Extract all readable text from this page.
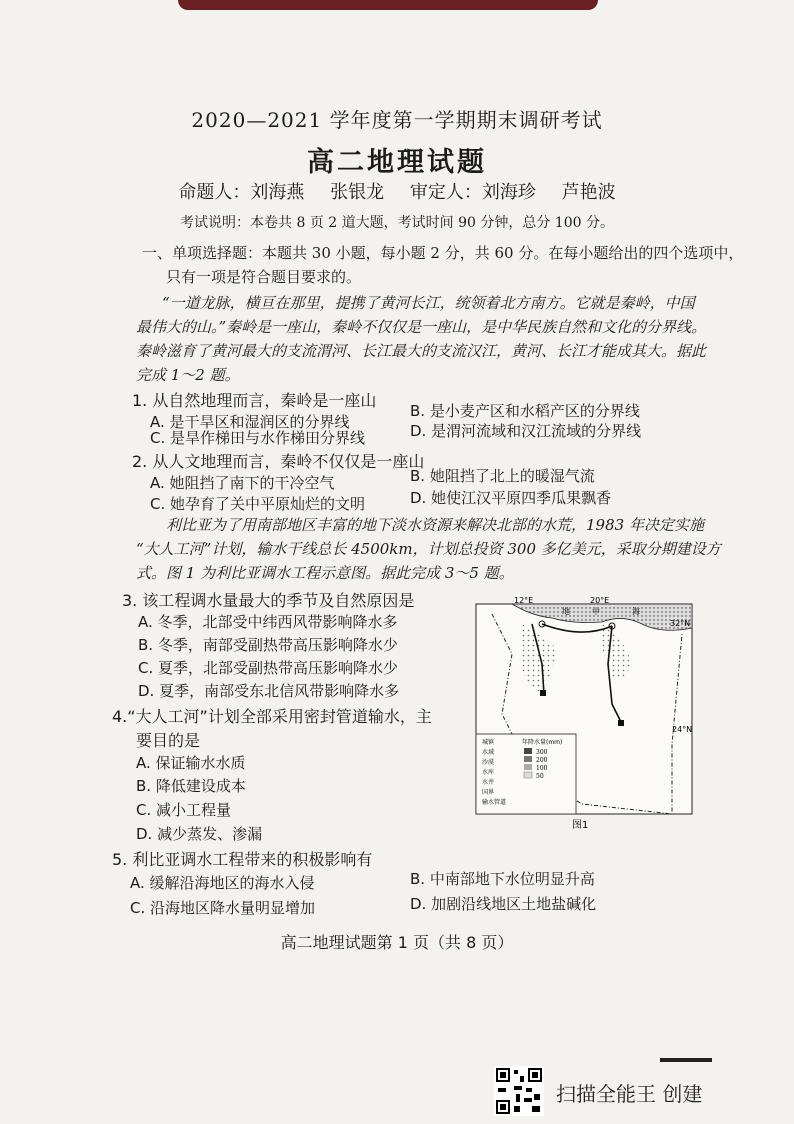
2020—2021 学年度第一学期期末调研考试
高二地理试题
命题人：刘海燕 张银龙 审定人：刘海珍 芦艳波
考试说明：本卷共 8 页 2 道大题，考试时间 90 分钟，总分 100 分。
一、单项选择题：本题共 30 小题，每小题 2 分，共 60 分。在每小题给出的四个选项中，
只有一项是符合题目要求的。
“一道龙脉，横亘在那里，提携了黄河长江，统领着北方南方。它就是秦岭，中国
最伟大的山。”秦岭是一座山，秦岭不仅仅是一座山，是中华民族自然和文化的分界线。
秦岭滋育了黄河最大的支流渭河、长江最大的支流汉江，黄河、长江才能成其大。据此
完成 1～2 题。
1. 从自然地理而言，秦岭是一座山
A. 是干旱区和湿润区的分界线
B. 是小麦产区和水稻产区的分界线
C. 是旱作梯田与水作梯田分界线	D. 是渭河流域和汉江流域的分界线
2. 从人文地理而言，秦岭不仅仅是一座山
A. 她阻挡了南下的干冷空气	B. 她阻挡了北上的暖湿气流
C. 她孕育了关中平原灿烂的文明	D. 她使江汉平原四季瓜果飘香
利比亚为了用南部地区丰富的地下淡水资源来解决北部的水荒，1983 年决定实施
“大人工河”计划，输水干线总长 4500km，计划总投资 300 多亿美元，采取分期建设方
式。图 1 为利比亚调水工程示意图。据此完成 3～5 题。
3. 该工程调水量最大的季节及自然原因是
A. 冬季，北部受中纬西风带影响降水多
B. 冬季，南部受副热带高压影响降水少
C. 夏季，北部受副热带高压影响降水少
D. 夏季，南部受东北信风带影响降水多
4.“大人工河”计划全部采用密封管道输水，主
要目的是
A. 保证输水水质
B. 降低建设成本
C. 减小工程量
D. 减少蒸发、渗漏
5. 利比亚调水工程带来的积极影响有
A. 缓解沿海地区的海水入侵	B. 中南部地下水位明显升高
C. 沿海地区降水量明显增加	D. 加剧沿线地区土地盐碱化
12°E	20°E
32°N
24°N
地	中	海
城镇
水域
沙漠
水库
水井
国界
输水管道
年降水量(mm)
300
200
100
50
图1
高二地理试题第 1 页（共 8 页）
扫描全能王 创建
